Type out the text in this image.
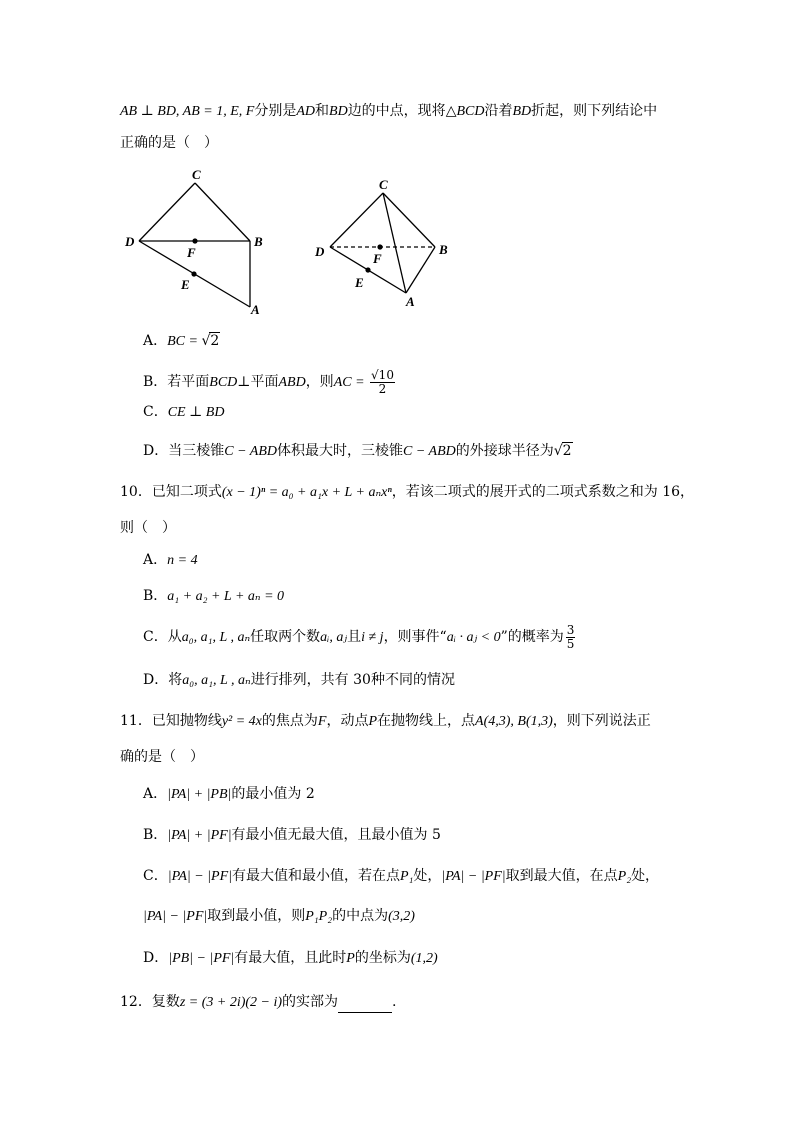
AB ⊥ BD, AB = 1, E, F分别是AD和BD边的中点，现将△BCD沿着BD折起，则下列结论中
正确的是（　）
C
D	B
F
E
A
C
D	B
F
E
A
A．BC = √2
B．若平面BCD⊥平面ABD，则AC = $\frac{√10}{2}$
C．CE ⊥ BD
D．当三棱锥C − ABD体积最大时，三棱锥C − ABD的外接球半径为√2
10．已知二项式(x − 1)ⁿ = a₀ + a₁x + L + aₙxⁿ，若该二项式的展开式的二项式系数之和为 16，
则（　）
A．n = 4
B．a₁ + a₂ + L + aₙ = 0
C．从a₀, a₁, L , aₙ任取两个数aᵢ, aⱼ且i ≠ j，则事件“aᵢ · aⱼ < 0”的概率为 $\frac{3}{5}$
D．将a₀, a₁, L , aₙ进行排列，共有 30种不同的情况
11．已知抛物线y² = 4x的焦点为F，动点P在抛物线上，点A(4,3), B(1,3)，则下列说法正
确的是（　）
A．|PA| + |PB|的最小值为 2
B．|PA| + |PF|有最小值无最大值，且最小值为 5
C．|PA| − |PF|有最大值和最小值，若在点P₁处，|PA| − |PF|取到最大值，在点P₂处，
|PA| − |PF|取到最小值，则P₁P₂的中点为(3,2)
D．|PB| − |PF|有最大值，且此时P的坐标为(1,2)
12．复数z = (3 + 2i)(2 − i)的实部为	.
